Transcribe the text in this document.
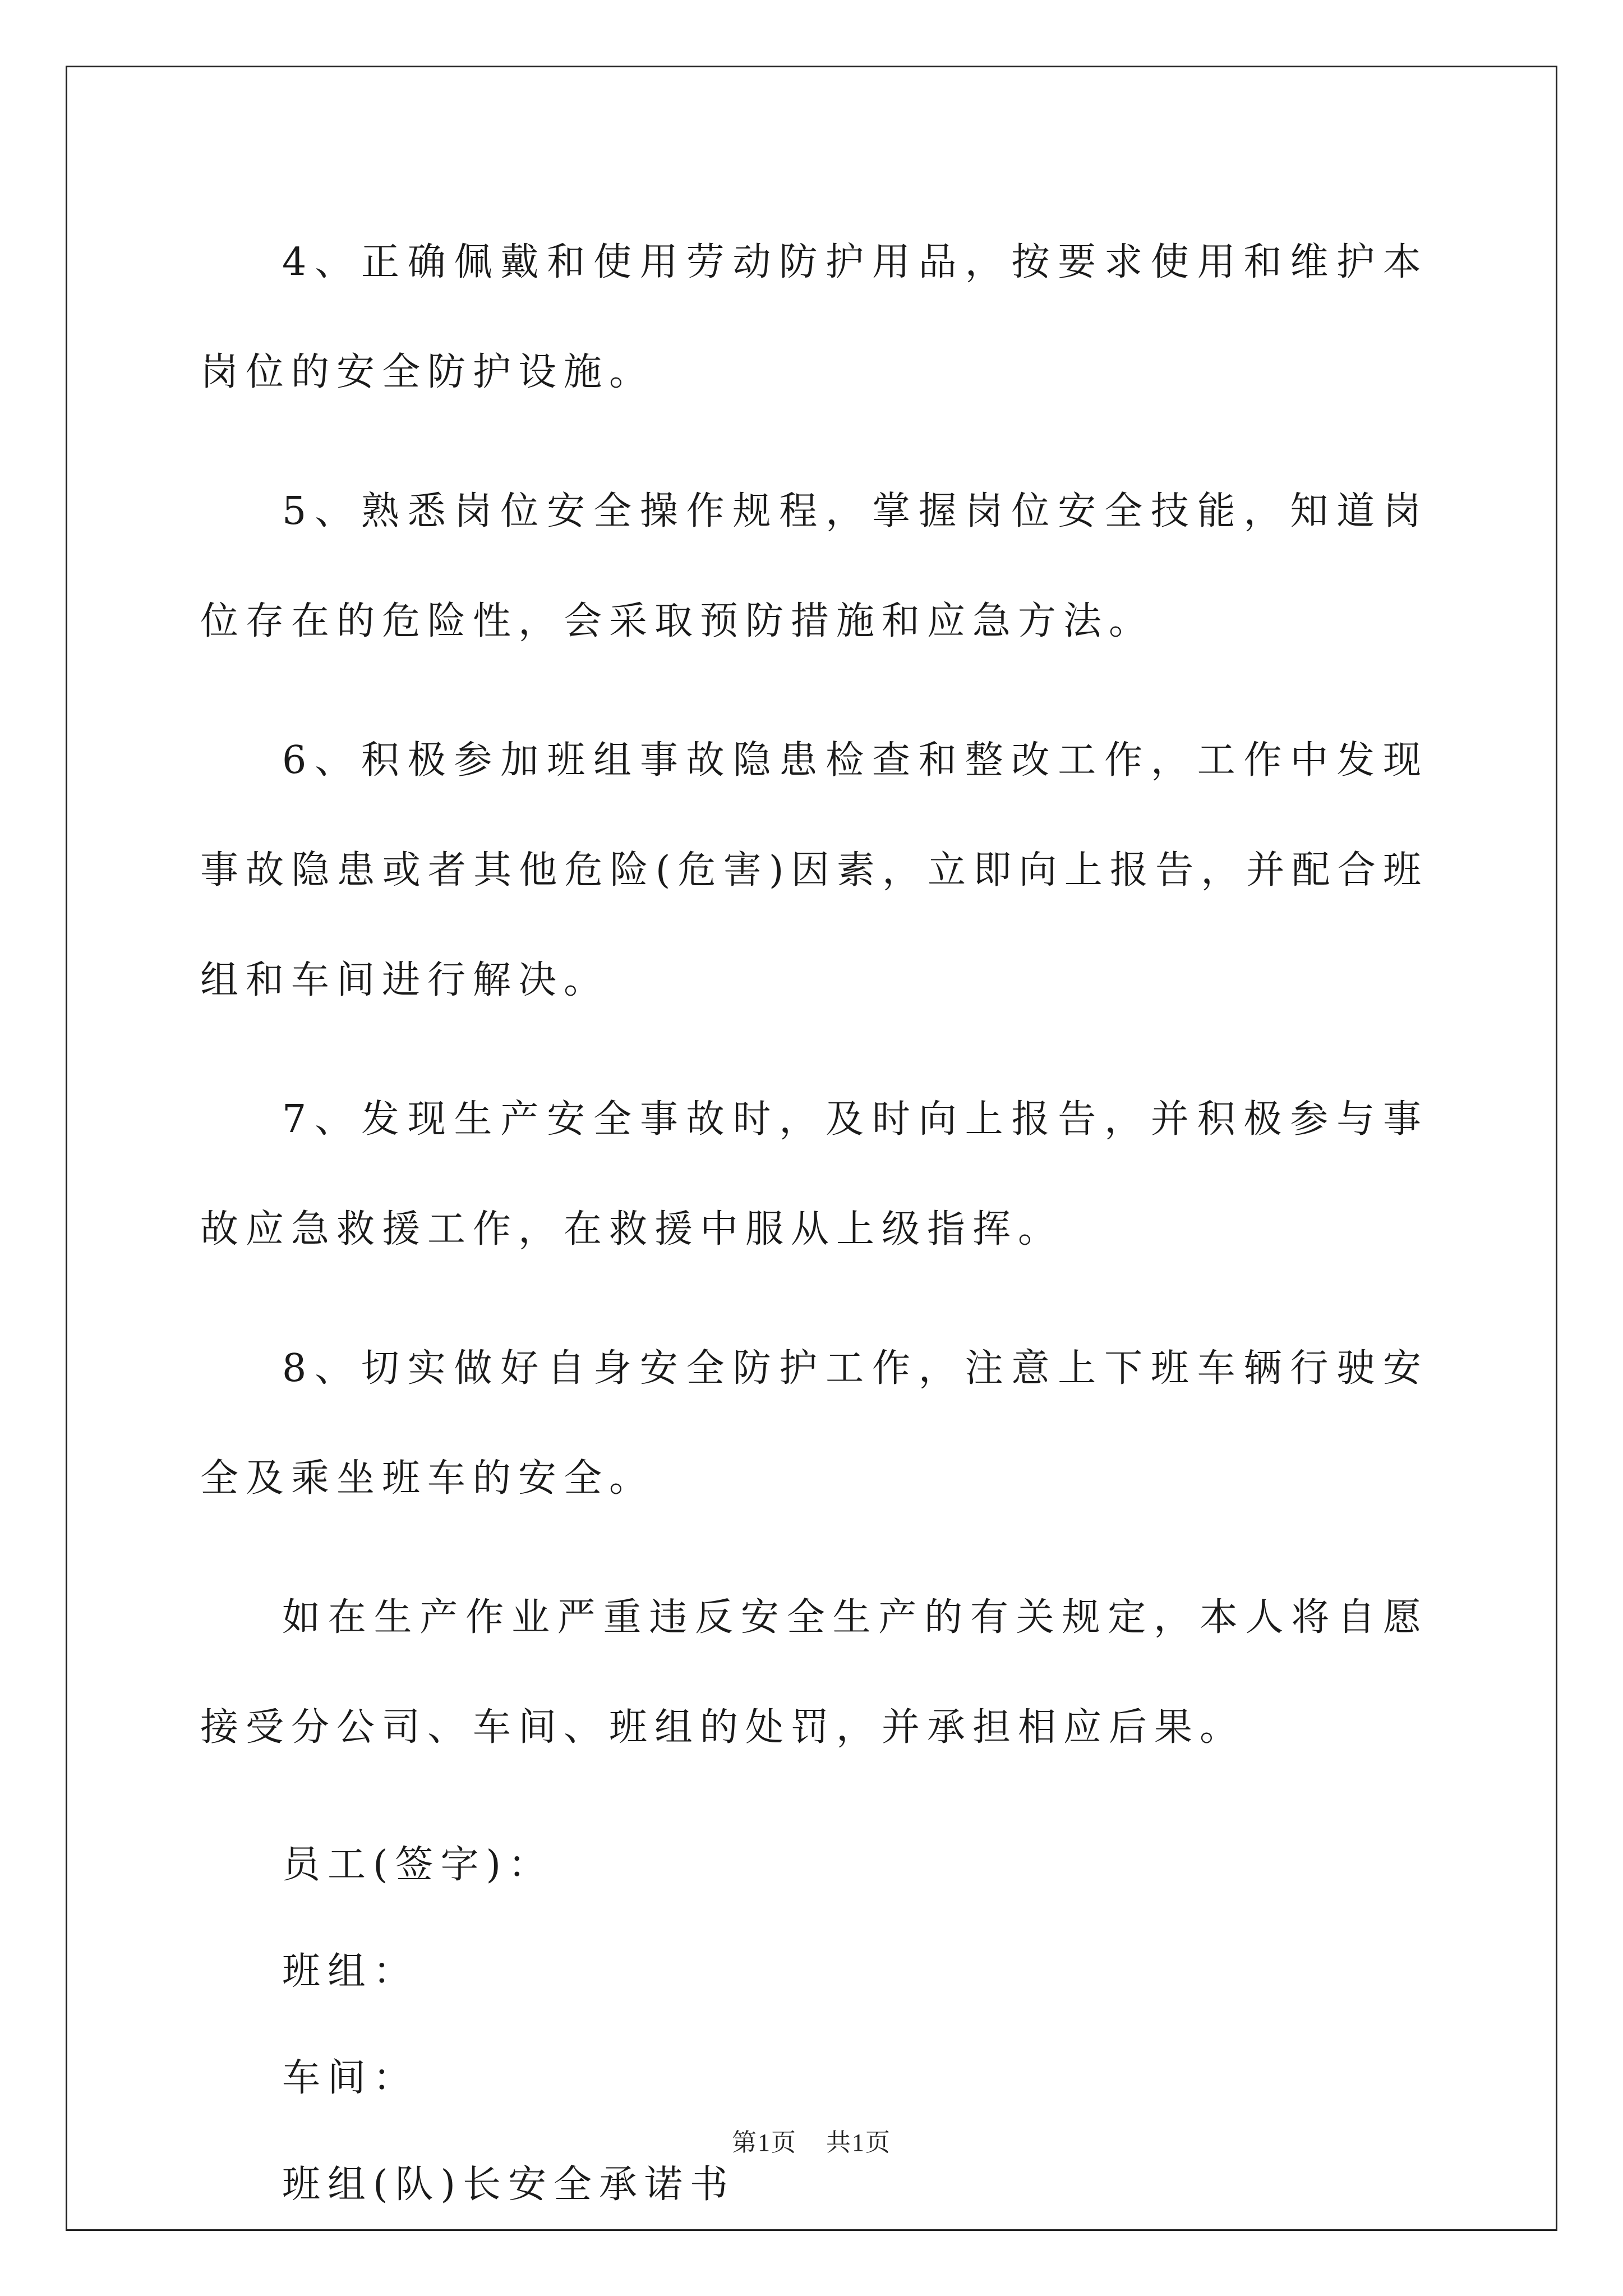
4、正确佩戴和使用劳动防护用品，按要求使用和维护本岗位的安全防护设施。

5、熟悉岗位安全操作规程，掌握岗位安全技能，知道岗位存在的危险性，会采取预防措施和应急方法。

6、积极参加班组事故隐患检查和整改工作，工作中发现事故隐患或者其他危险(危害)因素，立即向上报告，并配合班组和车间进行解决。

7、发现生产安全事故时，及时向上报告，并积极参与事故应急救援工作，在救援中服从上级指挥。

8、切实做好自身安全防护工作，注意上下班车辆行驶安全及乘坐班车的安全。

如在生产作业严重违反安全生产的有关规定，本人将自愿接受分公司、车间、班组的处罚，并承担相应后果。

员工(签字)：

班组：

车间：

班组(队)长安全承诺书

第1页 共1页
